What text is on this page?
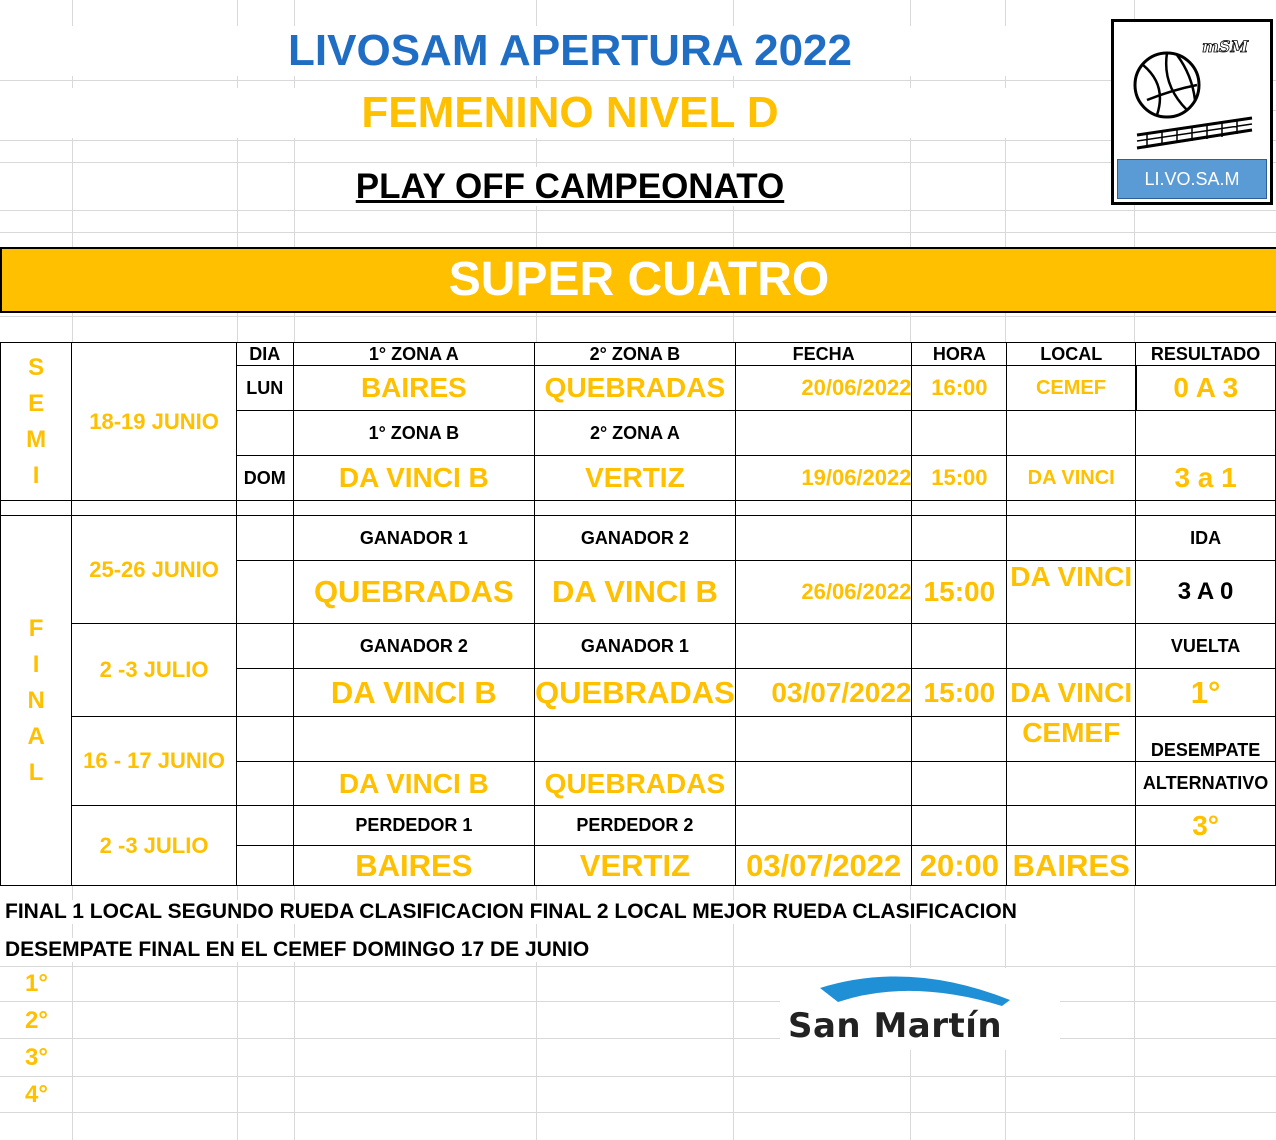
LIVOSAM APERTURA 2022
FEMENINO NIVEL D
PLAY OFF CAMPEONATO
mSM
LI.VO.SA.M
SUPER CUATRO
S
E
M
I	18-19 JUNIO	DIA	1° ZONA A	2° ZONA B	FECHA	HORA	LOCAL	RESULTADO
		LUN	BAIRES	QUEBRADAS	20/06/2022	16:00	CEMEF	0 A 3
			1° ZONA B	2° ZONA A				
		DOM	DA VINCI B	VERTIZ	19/06/2022	15:00	DA VINCI	3 a 1

F
I
N
A
L	25-26 JUNIO		GANADOR 1	GANADOR 2				IDA
			QUEBRADAS	DA VINCI B	26/06/2022	15:00	DA VINCI	3 A 0
	2 -3 JULIO		GANADOR 2	GANADOR 1				VUELTA
			DA VINCI B	QUEBRADAS	03/07/2022	15:00	DA VINCI	1°
	16 - 17 JUNIO						CEMEF	DESEMPATE
			DA VINCI B	QUEBRADAS				ALTERNATIVO
	2 -3 JULIO		PERDEDOR 1	PERDEDOR 2				3°
			BAIRES	VERTIZ	03/07/2022	20:00	BAIRES	
FINAL 1 LOCAL SEGUNDO RUEDA CLASIFICACION FINAL 2 LOCAL MEJOR RUEDA CLASIFICACION
DESEMPATE FINAL EN EL CEMEF DOMINGO 17 DE JUNIO
1°
2°
3°
4°
San Martín
